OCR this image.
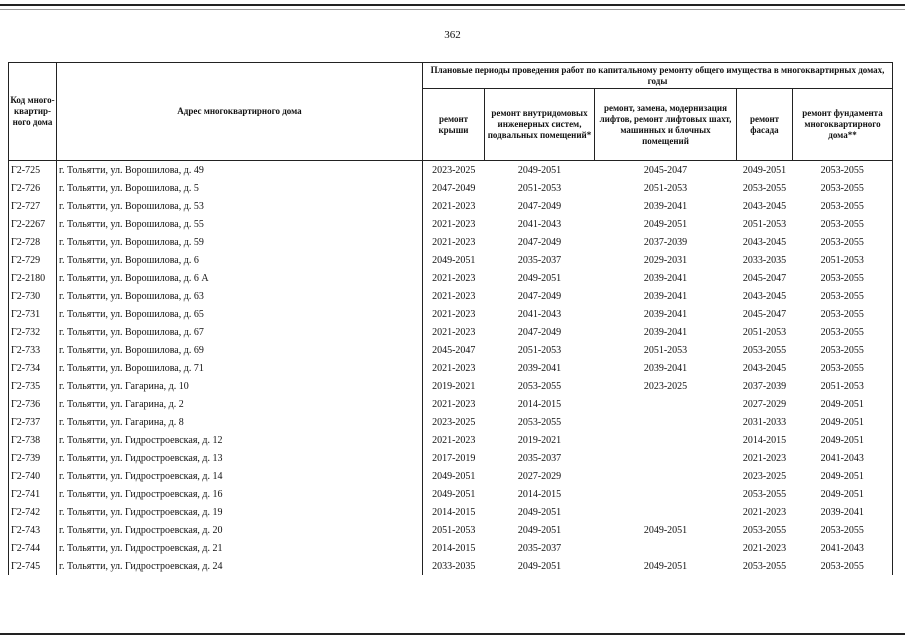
362
Код много-квартир-ного дома	Адрес многоквартирного дома	Плановые периоды проведения работ по капитальному ремонту общего имущества в многоквартирных домах, годы				
		ремонт крыши	ремонт внутридомовых инженерных систем, подвальных помещений*	ремонт, замена, модернизация лифтов, ремонт лифтовых шахт, машинных и блочных помещений	ремонт фасада	ремонт фундамента многоквартирного дома**
Г2-725	г. Тольятти, ул. Ворошилова, д. 49	2023-2025	2049-2051	2045-2047	2049-2051	2053-2055
Г2-726	г. Тольятти, ул. Ворошилова, д. 5	2047-2049	2051-2053	2051-2053	2053-2055	2053-2055
Г2-727	г. Тольятти, ул. Ворошилова, д. 53	2021-2023	2047-2049	2039-2041	2043-2045	2053-2055
Г2-2267	г. Тольятти, ул. Ворошилова, д. 55	2021-2023	2041-2043	2049-2051	2051-2053	2053-2055
Г2-728	г. Тольятти, ул. Ворошилова, д. 59	2021-2023	2047-2049	2037-2039	2043-2045	2053-2055
Г2-729	г. Тольятти, ул. Ворошилова, д. 6	2049-2051	2035-2037	2029-2031	2033-2035	2051-2053
Г2-2180	г. Тольятти, ул. Ворошилова, д. 6 А	2021-2023	2049-2051	2039-2041	2045-2047	2053-2055
Г2-730	г. Тольятти, ул. Ворошилова, д. 63	2021-2023	2047-2049	2039-2041	2043-2045	2053-2055
Г2-731	г. Тольятти, ул. Ворошилова, д. 65	2021-2023	2041-2043	2039-2041	2045-2047	2053-2055
Г2-732	г. Тольятти, ул. Ворошилова, д. 67	2021-2023	2047-2049	2039-2041	2051-2053	2053-2055
Г2-733	г. Тольятти, ул. Ворошилова, д. 69	2045-2047	2051-2053	2051-2053	2053-2055	2053-2055
Г2-734	г. Тольятти, ул. Ворошилова, д. 71	2021-2023	2039-2041	2039-2041	2043-2045	2053-2055
Г2-735	г. Тольятти, ул. Гагарина, д. 10	2019-2021	2053-2055	2023-2025	2037-2039	2051-2053
Г2-736	г. Тольятти, ул. Гагарина, д. 2	2021-2023	2014-2015		2027-2029	2049-2051
Г2-737	г. Тольятти, ул. Гагарина, д. 8	2023-2025	2053-2055		2031-2033	2049-2051
Г2-738	г. Тольятти, ул. Гидростроевская, д. 12	2021-2023	2019-2021		2014-2015	2049-2051
Г2-739	г. Тольятти, ул. Гидростроевская, д. 13	2017-2019	2035-2037		2021-2023	2041-2043
Г2-740	г. Тольятти, ул. Гидростроевская, д. 14	2049-2051	2027-2029		2023-2025	2049-2051
Г2-741	г. Тольятти, ул. Гидростроевская, д. 16	2049-2051	2014-2015		2053-2055	2049-2051
Г2-742	г. Тольятти, ул. Гидростроевская, д. 19	2014-2015	2049-2051		2021-2023	2039-2041
Г2-743	г. Тольятти, ул. Гидростроевская, д. 20	2051-2053	2049-2051	2049-2051	2053-2055	2053-2055
Г2-744	г. Тольятти, ул. Гидростроевская, д. 21	2014-2015	2035-2037		2021-2023	2041-2043
Г2-745	г. Тольятти, ул. Гидростроевская, д. 24	2033-2035	2049-2051	2049-2051	2053-2055	2053-2055
